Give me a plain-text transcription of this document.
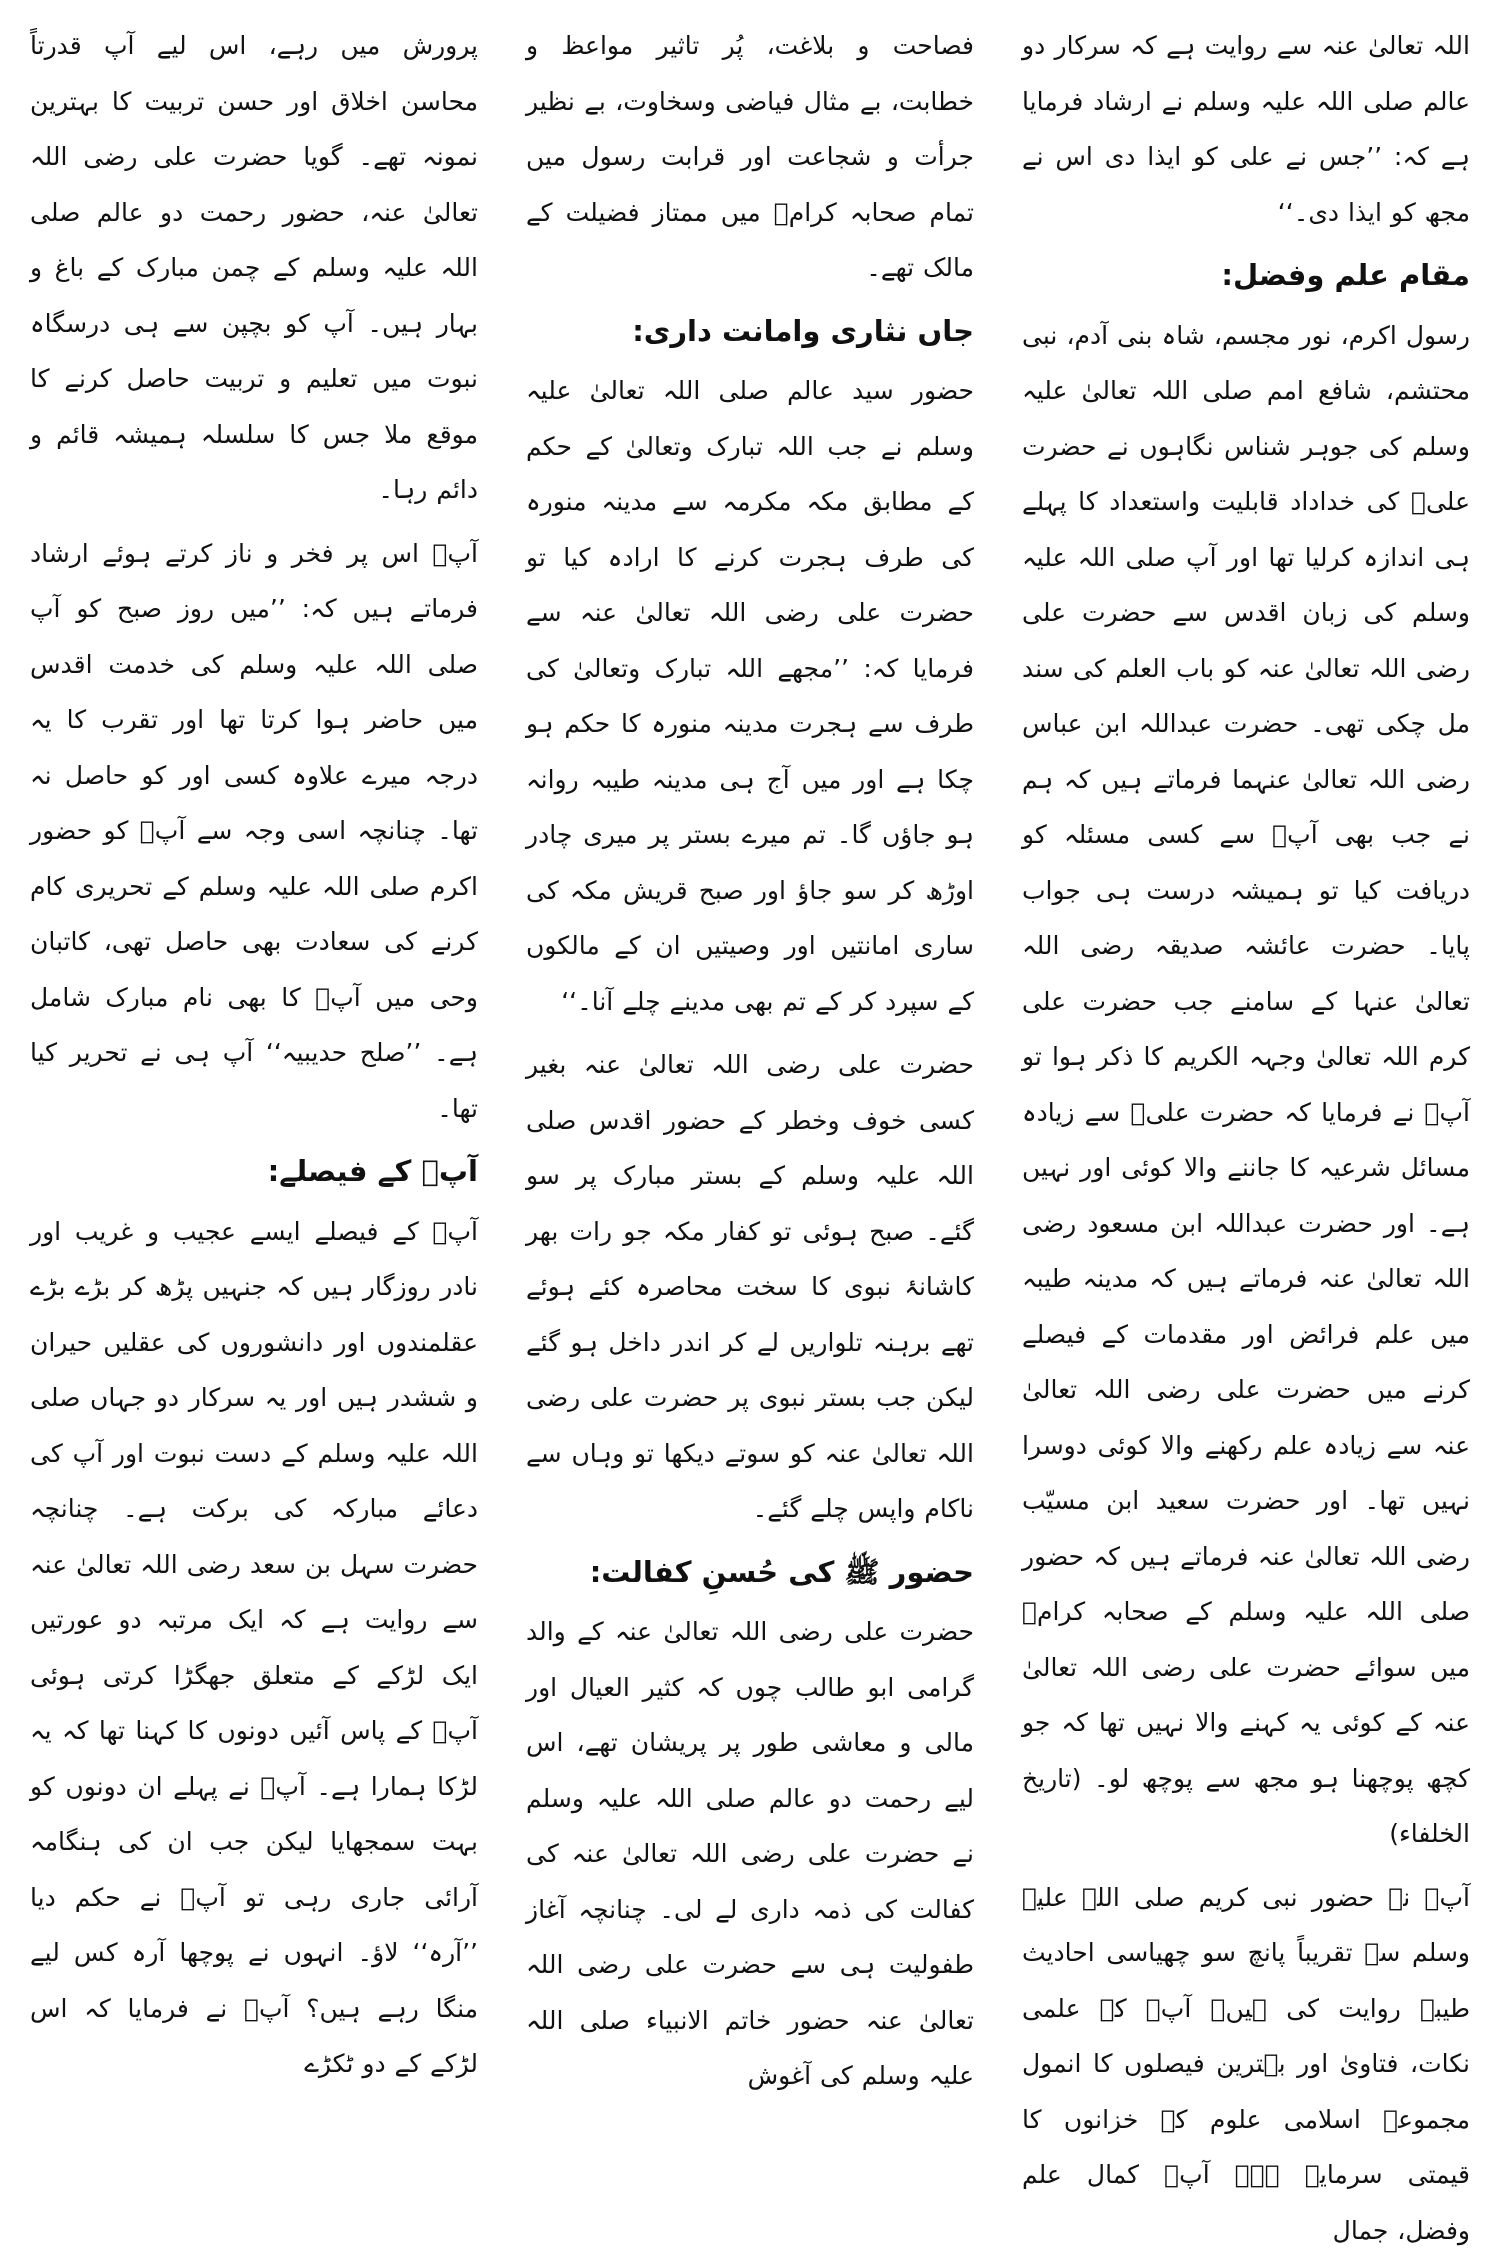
اللہ تعالیٰ عنہ سے روایت ہے کہ سرکار دو عالم صلی اللہ علیہ وسلم نے ارشاد فرمایا ہے کہ: ’’جس نے علی کو ایذا دی اس نے مجھ کو ایذا دی۔‘‘

مقام علم وفضل:

رسول اکرم، نور مجسم، شاہ بنی آدم، نبی محتشم، شافع امم صلی اللہ تعالیٰ علیہ وسلم کی جوہر شناس نگاہوں نے حضرت علیؓ کی خداداد قابلیت واستعداد کا پہلے ہی اندازہ کرلیا تھا اور آپ صلی اللہ علیہ وسلم کی زبان اقدس سے حضرت علی رضی اللہ تعالیٰ عنہ کو باب العلم کی سند مل چکی تھی۔ حضرت عبداللہ ابن عباس رضی اللہ تعالیٰ عنہما فرماتے ہیں کہ ہم نے جب بھی آپؓ سے کسی مسئلہ کو دریافت کیا تو ہمیشہ درست ہی جواب پایا۔ حضرت عائشہ صدیقہ رضی اللہ تعالیٰ عنہا کے سامنے جب حضرت علی کرم اللہ تعالیٰ وجہہ الکریم کا ذکر ہوا تو آپؓ نے فرمایا کہ حضرت علیؓ سے زیادہ مسائل شرعیہ کا جاننے والا کوئی اور نہیں ہے۔ اور حضرت عبداللہ ابن مسعود رضی اللہ تعالیٰ عنہ فرماتے ہیں کہ مدینہ طیبہ میں علم فرائض اور مقدمات کے فیصلے کرنے میں حضرت علی رضی اللہ تعالیٰ عنہ سے زیادہ علم رکھنے والا کوئی دوسرا نہیں تھا۔ اور حضرت سعید ابن مسیّب رضی اللہ تعالیٰ عنہ فرماتے ہیں کہ حضور صلی اللہ علیہ وسلم کے صحابہ کرامؓ میں سوائے حضرت علی رضی اللہ تعالیٰ عنہ کے کوئی یہ کہنے والا نہیں تھا کہ جو کچھ پوچھنا ہو مجھ سے پوچھ لو۔ (تاریخ الخلفاء)

آپؓ نے حضور نبی کریم صلی اللہ علیہ وسلم سے تقریباً پانچ سو چھیاسی احادیث طیبہ روایت کی ہیں۔ آپؓ کے علمی نکات، فتاویٰ اور بہترین فیصلوں کا انمول مجموعہ اسلامی علوم کے خزانوں کا قیمتی سرمایہ ہے۔ آپؓ کمال علم وفضل، جمال

فصاحت و بلاغت، پُر تاثیر مواعظ و خطابت، بے مثال فیاضی وسخاوت، بے نظیر جرأت و شجاعت اور قرابت رسول میں تمام صحابہ کرامؓ میں ممتاز فضیلت کے مالک تھے۔

جاں نثاری وامانت داری:

حضور سید عالم صلی اللہ تعالیٰ علیہ وسلم نے جب اللہ تبارک وتعالیٰ کے حکم کے مطابق مکہ مکرمہ سے مدینہ منورہ کی طرف ہجرت کرنے کا ارادہ کیا تو حضرت علی رضی اللہ تعالیٰ عنہ سے فرمایا کہ: ’’مجھے اللہ تبارک وتعالیٰ کی طرف سے ہجرت مدینہ منورہ کا حکم ہو چکا ہے اور میں آج ہی مدینہ طیبہ روانہ ہو جاؤں گا۔ تم میرے بستر پر میری چادر اوڑھ کر سو جاؤ اور صبح قریش مکہ کی ساری امانتیں اور وصیتیں ان کے مالکوں کے سپرد کر کے تم بھی مدینے چلے آنا۔‘‘

حضرت علی رضی اللہ تعالیٰ عنہ بغیر کسی خوف وخطر کے حضور اقدس صلی اللہ علیہ وسلم کے بستر مبارک پر سو گئے۔ صبح ہوئی تو کفار مکہ جو رات بھر کاشانۂ نبوی کا سخت محاصرہ کئے ہوئے تھے برہنہ تلواریں لے کر اندر داخل ہو گئے لیکن جب بستر نبوی پر حضرت علی رضی اللہ تعالیٰ عنہ کو سوتے دیکھا تو وہاں سے ناکام واپس چلے گئے۔

حضور ﷺ کی حُسنِ کفالت:

حضرت علی رضی اللہ تعالیٰ عنہ کے والد گرامی ابو طالب چوں کہ کثیر العیال اور مالی و معاشی طور پر پریشان تھے، اس لیے رحمت دو عالم صلی اللہ علیہ وسلم نے حضرت علی رضی اللہ تعالیٰ عنہ کی کفالت کی ذمہ داری لے لی۔ چنانچہ آغاز طفولیت ہی سے حضرت علی رضی اللہ تعالیٰ عنہ حضور خاتم الانبیاء صلی اللہ علیہ وسلم کی آغوش

پرورش میں رہے، اس لیے آپ قدرتاً محاسن اخلاق اور حسن تربیت کا بہترین نمونہ تھے۔ گویا حضرت علی رضی اللہ تعالیٰ عنہ، حضور رحمت دو عالم صلی اللہ علیہ وسلم کے چمن مبارک کے باغ و بہار ہیں۔ آپ کو بچپن سے ہی درسگاہ نبوت میں تعلیم و تربیت حاصل کرنے کا موقع ملا جس کا سلسلہ ہمیشہ قائم و دائم رہا۔

آپؓ اس پر فخر و ناز کرتے ہوئے ارشاد فرماتے ہیں کہ: ’’میں روز صبح کو آپ صلی اللہ علیہ وسلم کی خدمت اقدس میں حاضر ہوا کرتا تھا اور تقرب کا یہ درجہ میرے علاوہ کسی اور کو حاصل نہ تھا۔ چنانچہ اسی وجہ سے آپؓ کو حضور اکرم صلی اللہ علیہ وسلم کے تحریری کام کرنے کی سعادت بھی حاصل تھی، کاتبان وحی میں آپؓ کا بھی نام مبارک شامل ہے۔ ’’صلح حدیبیہ‘‘ آپ ہی نے تحریر کیا تھا۔

آپؓ کے فیصلے:

آپؓ کے فیصلے ایسے عجیب و غریب اور نادر روزگار ہیں کہ جنہیں پڑھ کر بڑے بڑے عقلمندوں اور دانشوروں کی عقلیں حیران و ششدر ہیں اور یہ سرکار دو جہاں صلی اللہ علیہ وسلم کے دست نبوت اور آپ کی دعائے مبارکہ کی برکت ہے۔ چنانچہ حضرت سہل بن سعد رضی اللہ تعالیٰ عنہ سے روایت ہے کہ ایک مرتبہ دو عورتیں ایک لڑکے کے متعلق جھگڑا کرتی ہوئی آپؓ کے پاس آئیں دونوں کا کہنا تھا کہ یہ لڑکا ہمارا ہے۔ آپؓ نے پہلے ان دونوں کو بہت سمجھایا لیکن جب ان کی ہنگامہ آرائی جاری رہی تو آپؓ نے حکم دیا ’’آرہ‘‘ لاؤ۔ انہوں نے پوچھا آرہ کس لیے منگا رہے ہیں؟ آپؓ نے فرمایا کہ اس لڑکے کے دو ٹکڑے
